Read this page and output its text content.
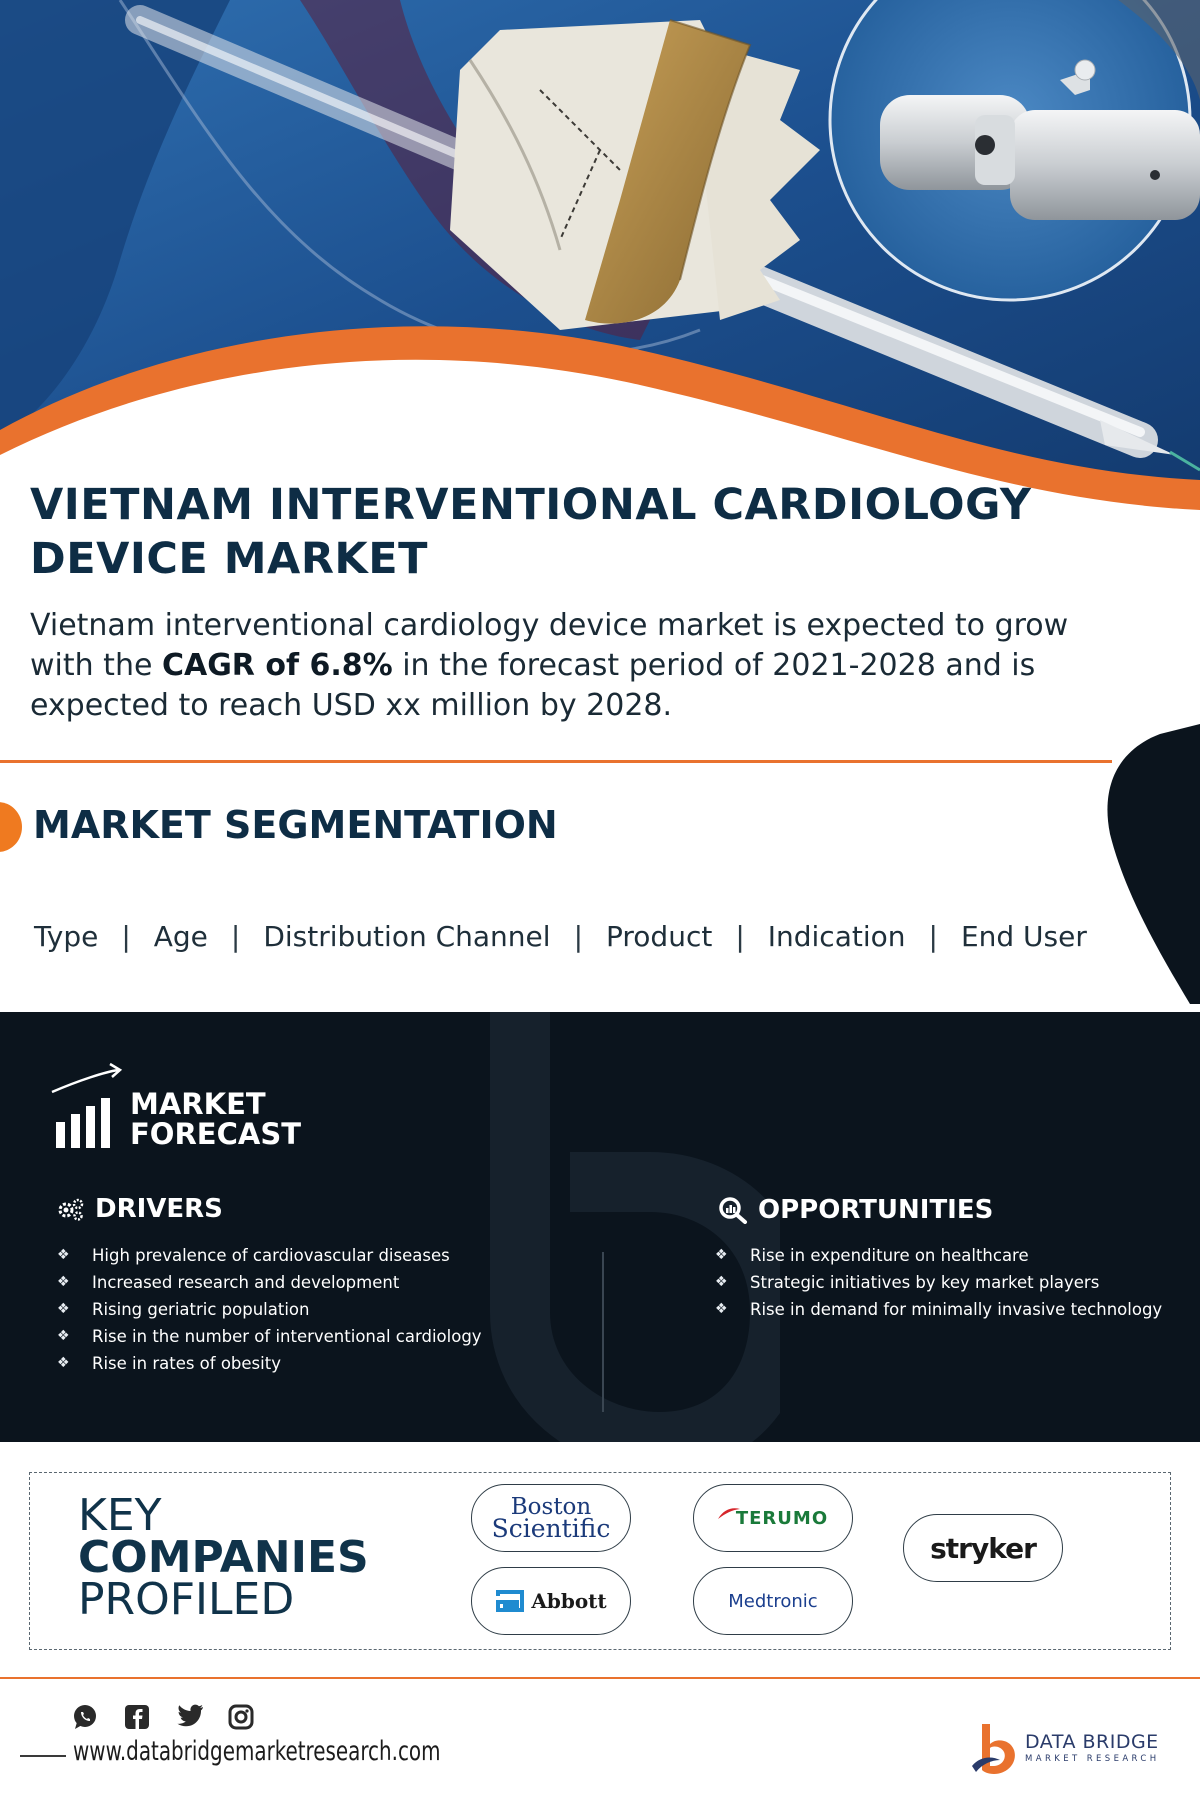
VIETNAM INTERVENTIONAL CARDIOLOGY DEVICE MARKET

Vietnam interventional cardiology device market is expected to grow with the CAGR of 6.8% in the forecast period of 2021-2028 and is expected to reach USD xx million by 2028.

MARKET SEGMENTATION
Type | Age | Distribution Channel | Product | Indication | End User

MARKET
FORECAST

DRIVERS
❖	High prevalence of cardiovascular diseases
❖	Increased research and development
❖	Rising geriatric population
❖	Rise in the number of interventional cardiology
❖	Rise in rates of obesity
OPPORTUNITIES
❖	Rise in expenditure on healthcare
❖	Strategic initiatives by key market players
❖	Rise in demand for minimally invasive technology

KEY
COMPANIES
PROFILED

Boston
Scientific	TERUMO
stryker
Abbott	Medtronic
www.databridgemarketresearch.com	DATA BRIDGE
MARKET RESEARCH
